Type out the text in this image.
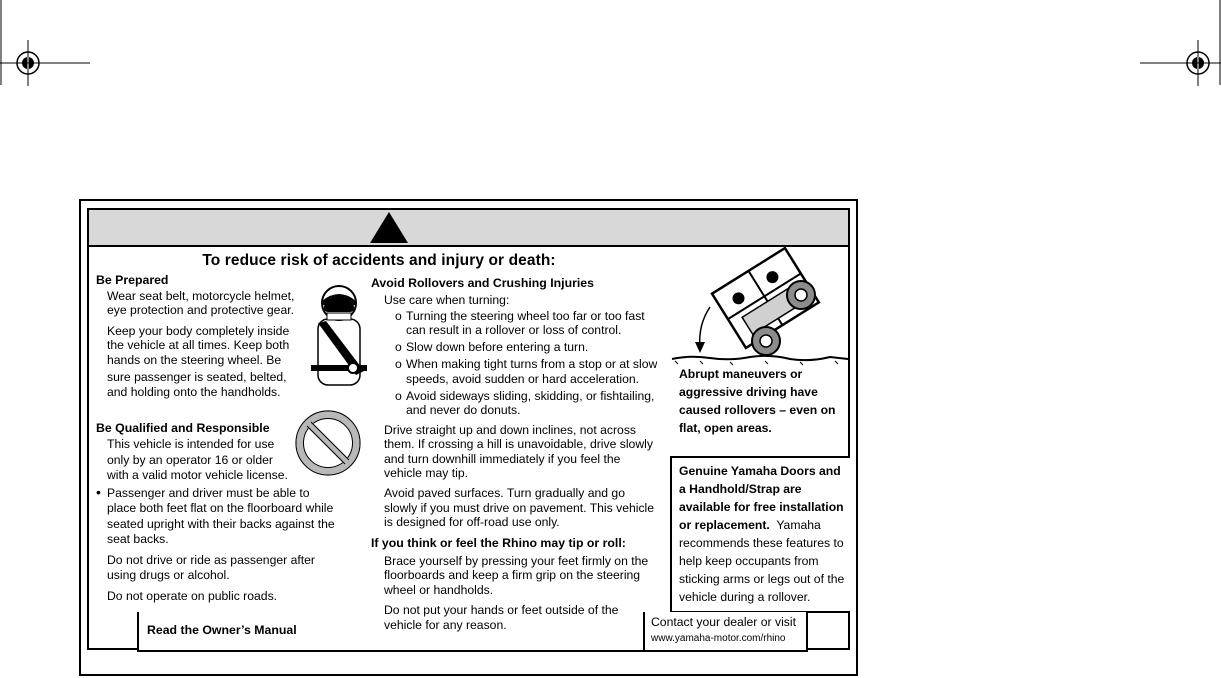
To reduce risk of accidents and injury or death:
Be Prepared
Wear seat belt, motorcycle helmet,
eye protection and protective gear.
Keep your body completely inside
the vehicle at all times. Keep both
hands on the steering wheel. Be
sure passenger is seated, belted,
and holding onto the handholds.
Be Qualified and Responsible
This vehicle is intended for use
only by an operator 16 or older
with a valid motor vehicle license.
• Passenger and driver must be able to
place both feet flat on the floorboard while
seated upright with their backs against the
seat backs.
Do not drive or ride as passenger after
using drugs or alcohol.
Do not operate on public roads.
Avoid Rollovers and Crushing Injuries
Use care when turning:
o Turning the steering wheel too far or too fast
can result in a rollover or loss of control.
o Slow down before entering a turn.
o When making tight turns from a stop or at slow
speeds, avoid sudden or hard acceleration.
o Avoid sideways sliding, skidding, or fishtailing,
and never do donuts.
Drive straight up and down inclines, not across
them. If crossing a hill is unavoidable, drive slowly
and turn downhill immediately if you feel the
vehicle may tip.
Avoid paved surfaces. Turn gradually and go
slowly if you must drive on pavement. This vehicle
is designed for off-road use only.
If you think or feel the Rhino may tip or roll:
Brace yourself by pressing your feet firmly on the
floorboards and keep a firm grip on the steering
wheel or handholds.
Do not put your hands or feet outside of the
vehicle for any reason.
Abrupt maneuvers or
aggressive driving have
caused rollovers – even on
flat, open areas.
Genuine Yamaha Doors and
a Handhold/Strap are
available for free installation
or replacement.  Yamaha
recommends these features to
help keep occupants from
sticking arms or legs out of the
vehicle during a rollover.
Read the Owner’s Manual
Contact your dealer or visit
www.yamaha-motor.com/rhino
